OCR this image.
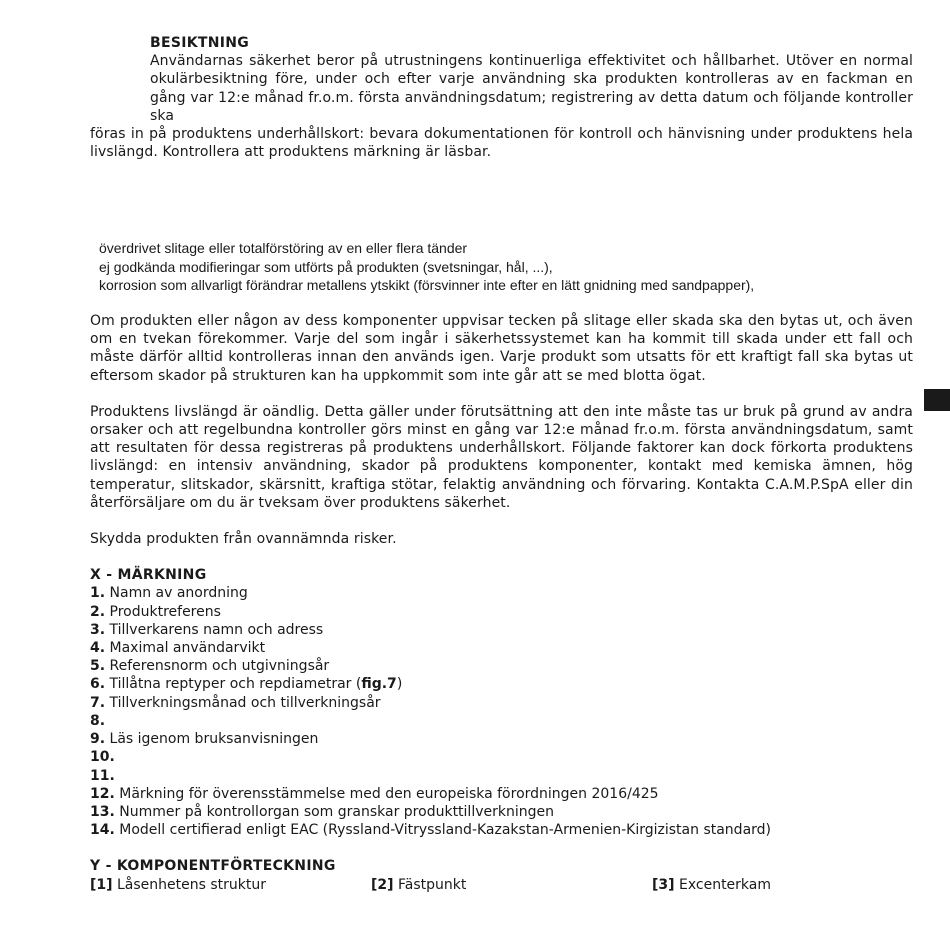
BESIKTNING

Användarnas säkerhet beror på utrustningens kontinuerliga effektivitet och hållbarhet. Utöver en normal okulärbesiktning före, under och efter varje användning ska produkten kontrolleras av en fackman en gång var 12:e månad fr.o.m. första användningsdatum; registrering av detta datum och följande kontroller ska

föras in på produktens underhållskort: bevara dokumentationen för kontroll och hänvisning under produktens hela livslängd. Kontrollera att produktens märkning är läsbar.

överdrivet slitage eller totalförstöring av en eller flera tänder
ej godkända modifieringar som utförts på produkten (svetsningar, hål, ...),
korrosion som allvarligt förändrar metallens ytskikt (försvinner inte efter en lätt gnidning med sandpapper),

Om produkten eller någon av dess komponenter uppvisar tecken på slitage eller skada ska den bytas ut, och även om en tvekan förekommer. Varje del som ingår i säkerhetssystemet kan ha kommit till skada under ett fall och måste därför alltid kontrolleras innan den används igen. Varje produkt som utsatts för ett kraftigt fall ska bytas ut eftersom skador på strukturen kan ha uppkommit som inte går att se med blotta ögat.

Produktens livslängd är oändlig. Detta gäller under förutsättning att den inte måste tas ur bruk på grund av andra orsaker och att regelbundna kontroller görs minst en gång var 12:e månad fr.o.m. första användningsdatum, samt att resultaten för dessa registreras på produktens underhållskort. Följande faktorer kan dock förkorta produktens livslängd: en intensiv användning, skador på produktens komponenter, kontakt med kemiska ämnen, hög temperatur, slitskador, skärsnitt, kraftiga stötar, felaktig användning och förvaring. Kontakta C.A.M.P.SpA eller din återförsäljare om du är tveksam över produktens säkerhet.

Skydda produkten från ovannämnda risker.

X - MÄRKNING

1. Namn av anordning
2. Produktreferens
3. Tillverkarens namn och adress
4. Maximal användarvikt
5. Referensnorm och utgivningsår
6. Tillåtna reptyper och repdiametrar (fig.7)
7. Tillverkningsmånad och tillverkningsår
8.
9. Läs igenom bruksanvisningen
10.
11.
12. Märkning för överensstämmelse med den europeiska förordningen 2016/425
13. Nummer på kontrollorgan som granskar produkttillverkningen
14. Modell certifierad enligt EAC (Ryssland-Vitryssland-Kazakstan-Armenien-Kirgizistan standard)

Y - KOMPONENTFÖRTECKNING

[1] Låsenhetens struktur	[2] Fästpunkt	[3] Excenterkam
